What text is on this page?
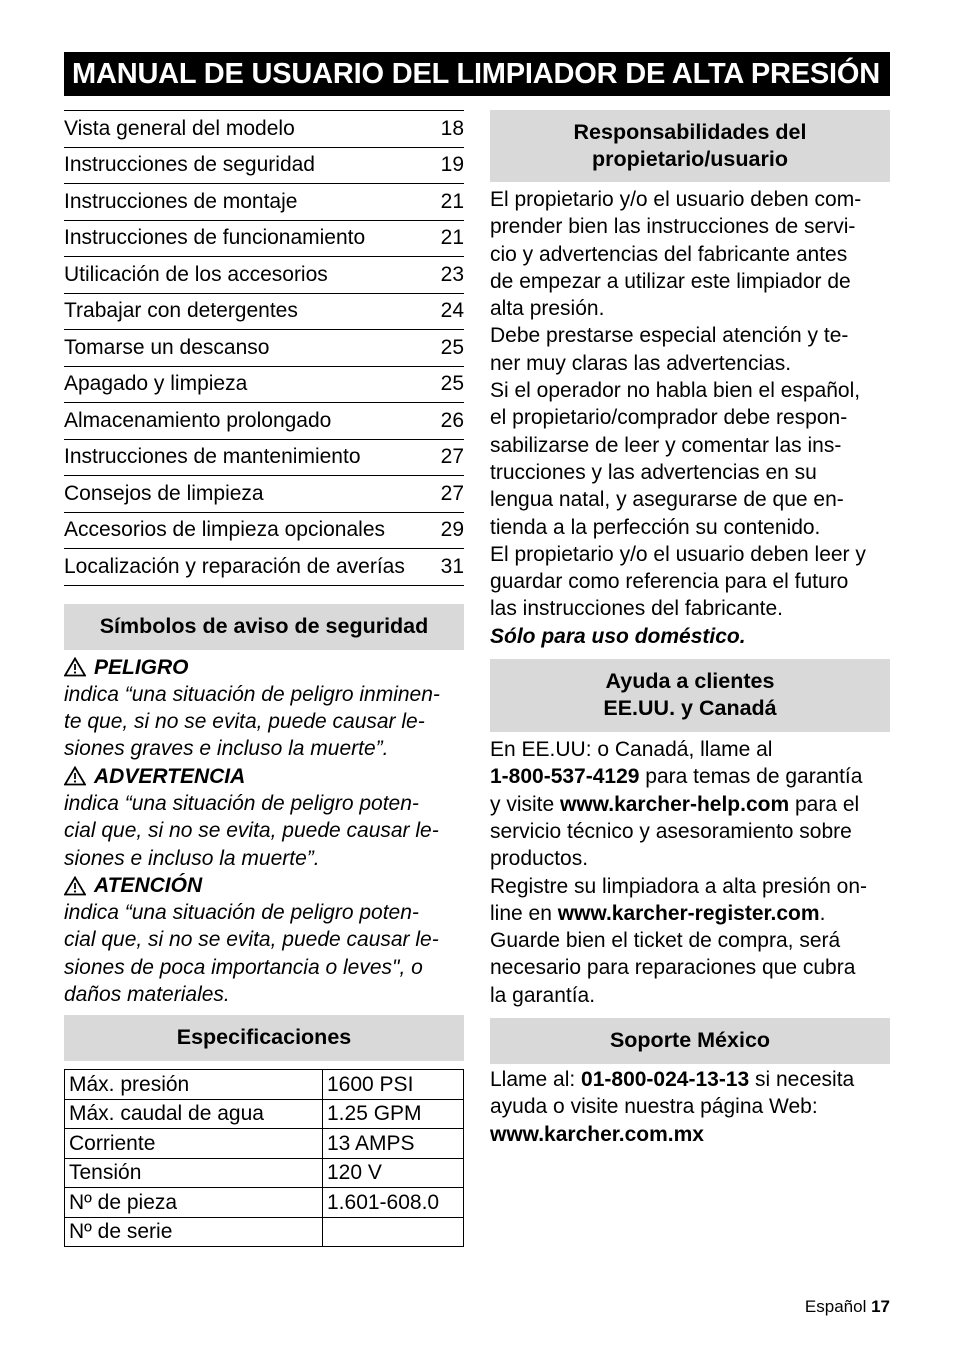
MANUAL DE USUARIO DEL LIMPIADOR DE ALTA PRESIÓN
Vista general del modelo	18
Instrucciones de seguridad	19
Instrucciones de montaje	21
Instrucciones de funcionamiento	21
Utilicación de los accesorios	23
Trabajar con detergentes	24
Tomarse un descanso	25
Apagado y limpieza	25
Almacenamiento prolongado	26
Instrucciones de mantenimiento	27
Consejos de limpieza	27
Accesorios de limpieza opcionales	29
Localización y reparación de averías 31
Símbolos de aviso de seguridad
PELIGRO
indica “una situación de peligro inminen-
te que, si no se evita, puede causar le-
siones graves e incluso la muerte”.
ADVERTENCIA
indica “una situación de peligro poten-
cial que, si no se evita, puede causar le-
siones e incluso la muerte”.
ATENCIÓN
indica “una situación de peligro poten-
cial que, si no se evita, puede causar le-
siones de poca importancia o leves", o
daños materiales.
Especificaciones
Máx. presión	1600 PSI
Máx. caudal de agua	1.25 GPM
Corriente	13 AMPS
Tensión	120 V
Nº de pieza	1.601-608.0
Nº de serie	
Responsabilidades del
propietario/usuario
El propietario y/o el usuario deben com-
prender bien las instrucciones de servi-
cio y advertencias del fabricante antes
de empezar a utilizar este limpiador de
alta presión.
Debe prestarse especial atención y te-
ner muy claras las advertencias.
Si el operador no habla bien el español,
el propietario/comprador debe respon-
sabilizarse de leer y comentar las ins-
trucciones y las advertencias en su
lengua natal, y asegurarse de que en-
tienda a la perfección su contenido.
El propietario y/o el usuario deben leer y
guardar como referencia para el futuro
las instrucciones del fabricante.
Sólo para uso doméstico.
Ayuda a clientes
EE.UU. y Canadá
En EE.UU: o Canadá, llame al
1-800-537-4129 para temas de garantía
y visite www.karcher-help.com para el
servicio técnico y asesoramiento sobre
productos.
Registre su limpiadora a alta presión on-
line en www.karcher-register.com.
Guarde bien el ticket de compra, será
necesario para reparaciones que cubra
la garantía.
Soporte México
Llame al: 01-800-024-13-13 si necesita
ayuda o visite nuestra página Web:
www.karcher.com.mx
Español 17
